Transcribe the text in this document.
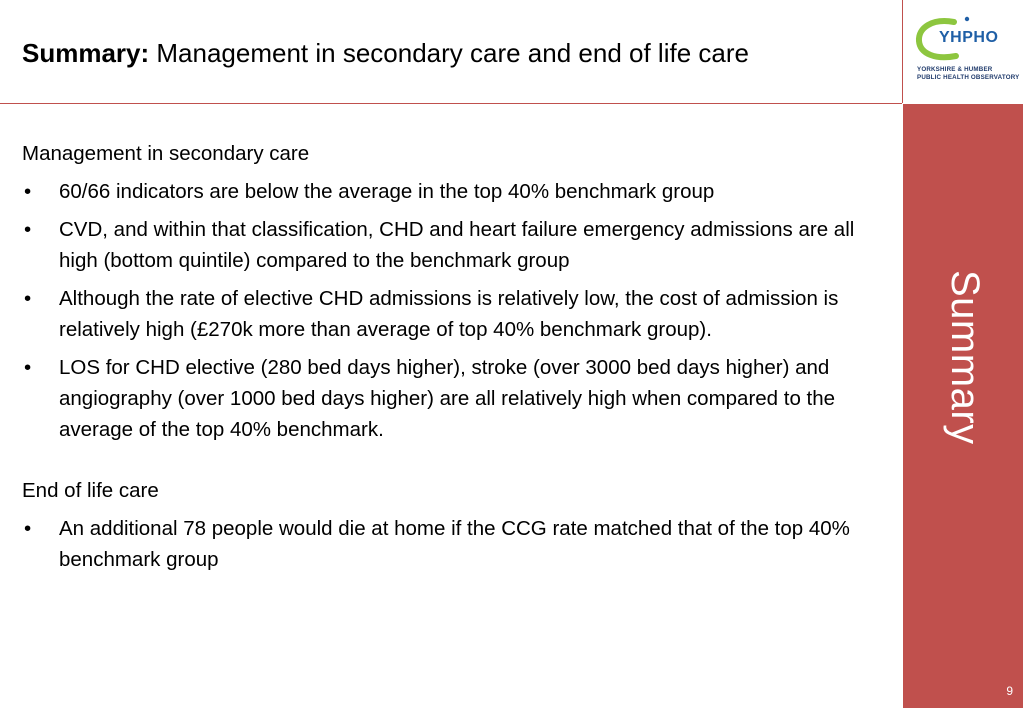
Summary: Management in secondary care and end of life care
YHPHO
YORKSHIRE & HUMBER
PUBLIC HEALTH OBSERVATORY
Summary
9

Management in secondary care

• 60/66 indicators are below the average in the top 40% benchmark group
• CVD, and within that classification, CHD and heart failure emergency admissions are all high (bottom quintile) compared to the benchmark group
• Although the rate of elective CHD admissions is relatively low, the cost of admission is relatively high (£270k more than average of top 40% benchmark group).
• LOS for CHD elective (280 bed days higher), stroke (over 3000 bed days higher) and angiography (over 1000 bed days higher) are all relatively high when compared to the average of the top 40% benchmark.

End of life care

• An additional 78 people would die at home if the CCG rate matched that of the top 40% benchmark group
